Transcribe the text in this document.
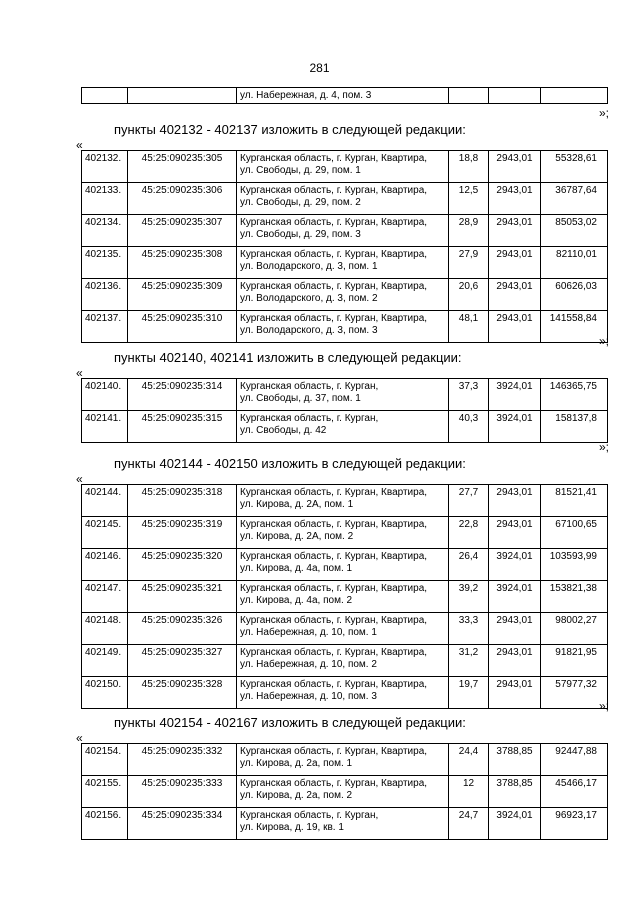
281
		ул. Набережная, д. 4, пом. 3			
»;
пункты 402132 - 402137 изложить в следующей редакции:
«
402132.	45:25:090235:305	Курганская область, г. Курган, Квартира,
ул. Свободы, д. 29, пом. 1	18,8	2943,01	55328,61
402133.	45:25:090235:306	Курганская область, г. Курган, Квартира,
ул. Свободы, д. 29, пом. 2	12,5	2943,01	36787,64
402134.	45:25:090235:307	Курганская область, г. Курган, Квартира,
ул. Свободы, д. 29, пом. 3	28,9	2943,01	85053,02
402135.	45:25:090235:308	Курганская область, г. Курган, Квартира,
ул. Володарского, д. 3, пом. 1	27,9	2943,01	82110,01
402136.	45:25:090235:309	Курганская область, г. Курган, Квартира,
ул. Володарского, д. 3, пом. 2	20,6	2943,01	60626,03
402137.	45:25:090235:310	Курганская область, г. Курган, Квартира,
ул. Володарского, д. 3, пом. 3	48,1	2943,01	141558,84
»;
пункты 402140, 402141 изложить в следующей редакции:
«
402140.	45:25:090235:314	Курганская область, г. Курган,
ул. Свободы, д. 37, пом. 1	37,3	3924,01	146365,75
402141.	45:25:090235:315	Курганская область, г. Курган,
ул. Свободы, д. 42	40,3	3924,01	158137,8
»;
пункты 402144 - 402150 изложить в следующей редакции:
«
402144.	45:25:090235:318	Курганская область, г. Курган, Квартира,
ул. Кирова, д. 2А, пом. 1	27,7	2943,01	81521,41
402145.	45:25:090235:319	Курганская область, г. Курган, Квартира,
ул. Кирова, д. 2А, пом. 2	22,8	2943,01	67100,65
402146.	45:25:090235:320	Курганская область, г. Курган, Квартира,
ул. Кирова, д. 4а, пом. 1	26,4	3924,01	103593,99
402147.	45:25:090235:321	Курганская область, г. Курган, Квартира,
ул. Кирова, д. 4а, пом. 2	39,2	3924,01	153821,38
402148.	45:25:090235:326	Курганская область, г. Курган, Квартира,
ул. Набережная, д. 10, пом. 1	33,3	2943,01	98002,27
402149.	45:25:090235:327	Курганская область, г. Курган, Квартира,
ул. Набережная, д. 10, пом. 2	31,2	2943,01	91821,95
402150.	45:25:090235:328	Курганская область, г. Курган, Квартира,
ул. Набережная, д. 10, пом. 3	19,7	2943,01	57977,32
»;
пункты 402154 - 402167 изложить в следующей редакции:
«
402154.	45:25:090235:332	Курганская область, г. Курган, Квартира,
ул. Кирова, д. 2а, пом. 1	24,4	3788,85	92447,88
402155.	45:25:090235:333	Курганская область, г. Курган, Квартира,
ул. Кирова, д. 2а, пом. 2	12	3788,85	45466,17
402156.	45:25:090235:334	Курганская область, г. Курган,
ул. Кирова, д. 19, кв. 1	24,7	3924,01	96923,17
